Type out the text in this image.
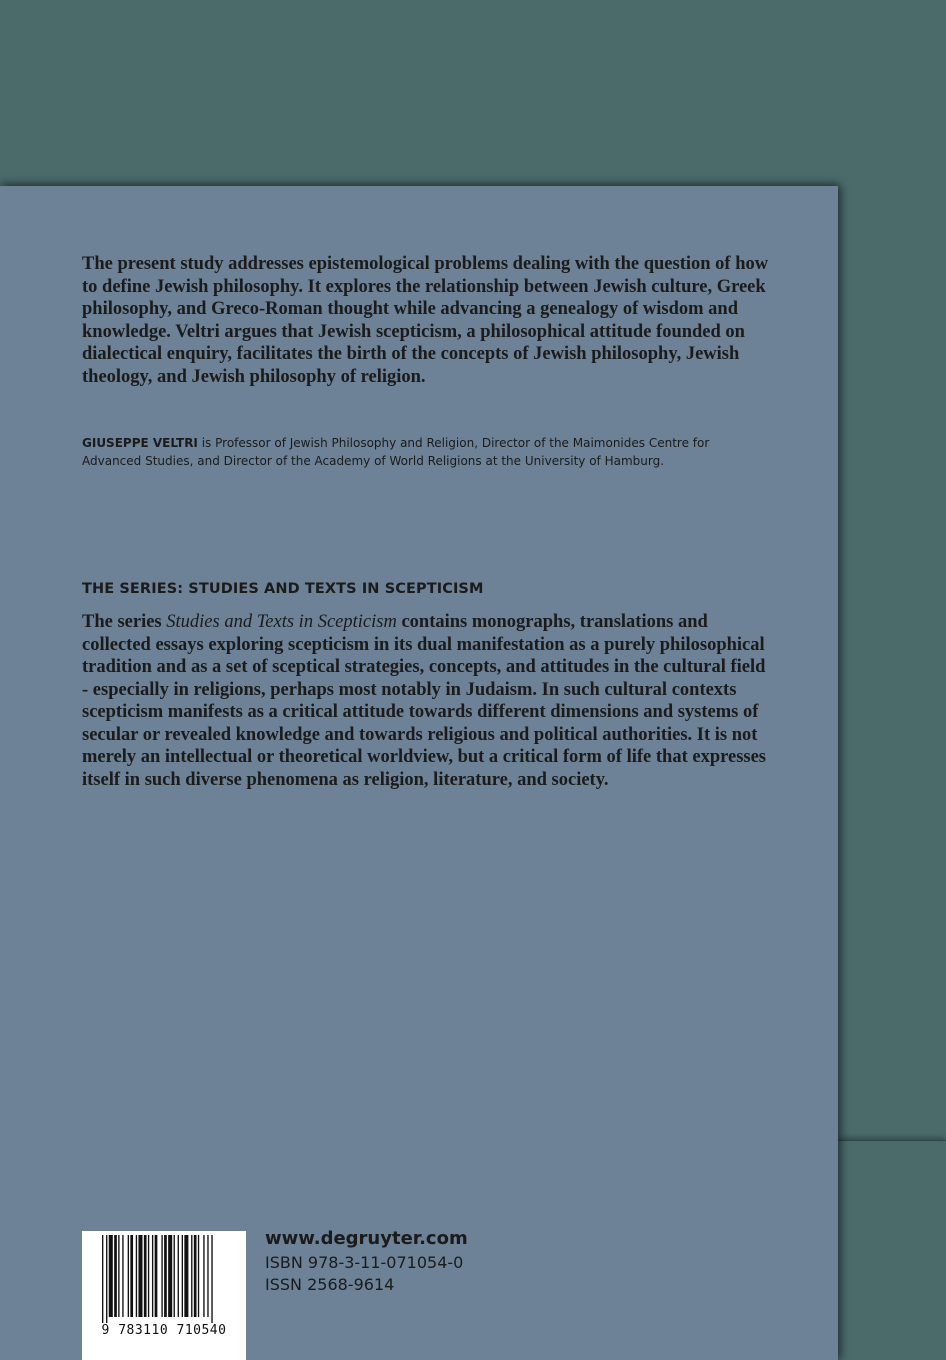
The present study addresses epistemological problems dealing with the question of how to define Jewish philosophy. It explores the relationship between Jewish culture, Greek philosophy, and Greco-Roman thought while advancing a genealogy of wisdom and knowledge. Veltri argues that Jewish scepticism, a philosophical attitude founded on dialectical enquiry, facilitates the birth of the concepts of Jewish philosophy, Jewish theology, and Jewish philosophy of religion.

GIUSEPPE VELTRI is Professor of Jewish Philosophy and Religion, Director of the Maimonides Centre for Advanced Studies, and Director of the Academy of World Religions at the University of Hamburg.

THE SERIES: STUDIES AND TEXTS IN SCEPTICISM

The series Studies and Texts in Scepticism contains monographs, translations and collected essays exploring scepticism in its dual manifestation as a purely philosophical tradition and as a set of sceptical strategies, concepts, and attitudes in the cultural field - especially in religions, perhaps most notably in Judaism. In such cultural contexts scepticism manifests as a critical attitude towards different dimensions and systems of secular or revealed knowledge and towards religious and political authorities. It is not merely an intellectual or theoretical worldview, but a critical form of life that expresses itself in such diverse phenomena as religion, literature, and society.

9 783110 710540
www.degruyter.com
ISBN 978-3-11-071054-0
ISSN 2568-9614
